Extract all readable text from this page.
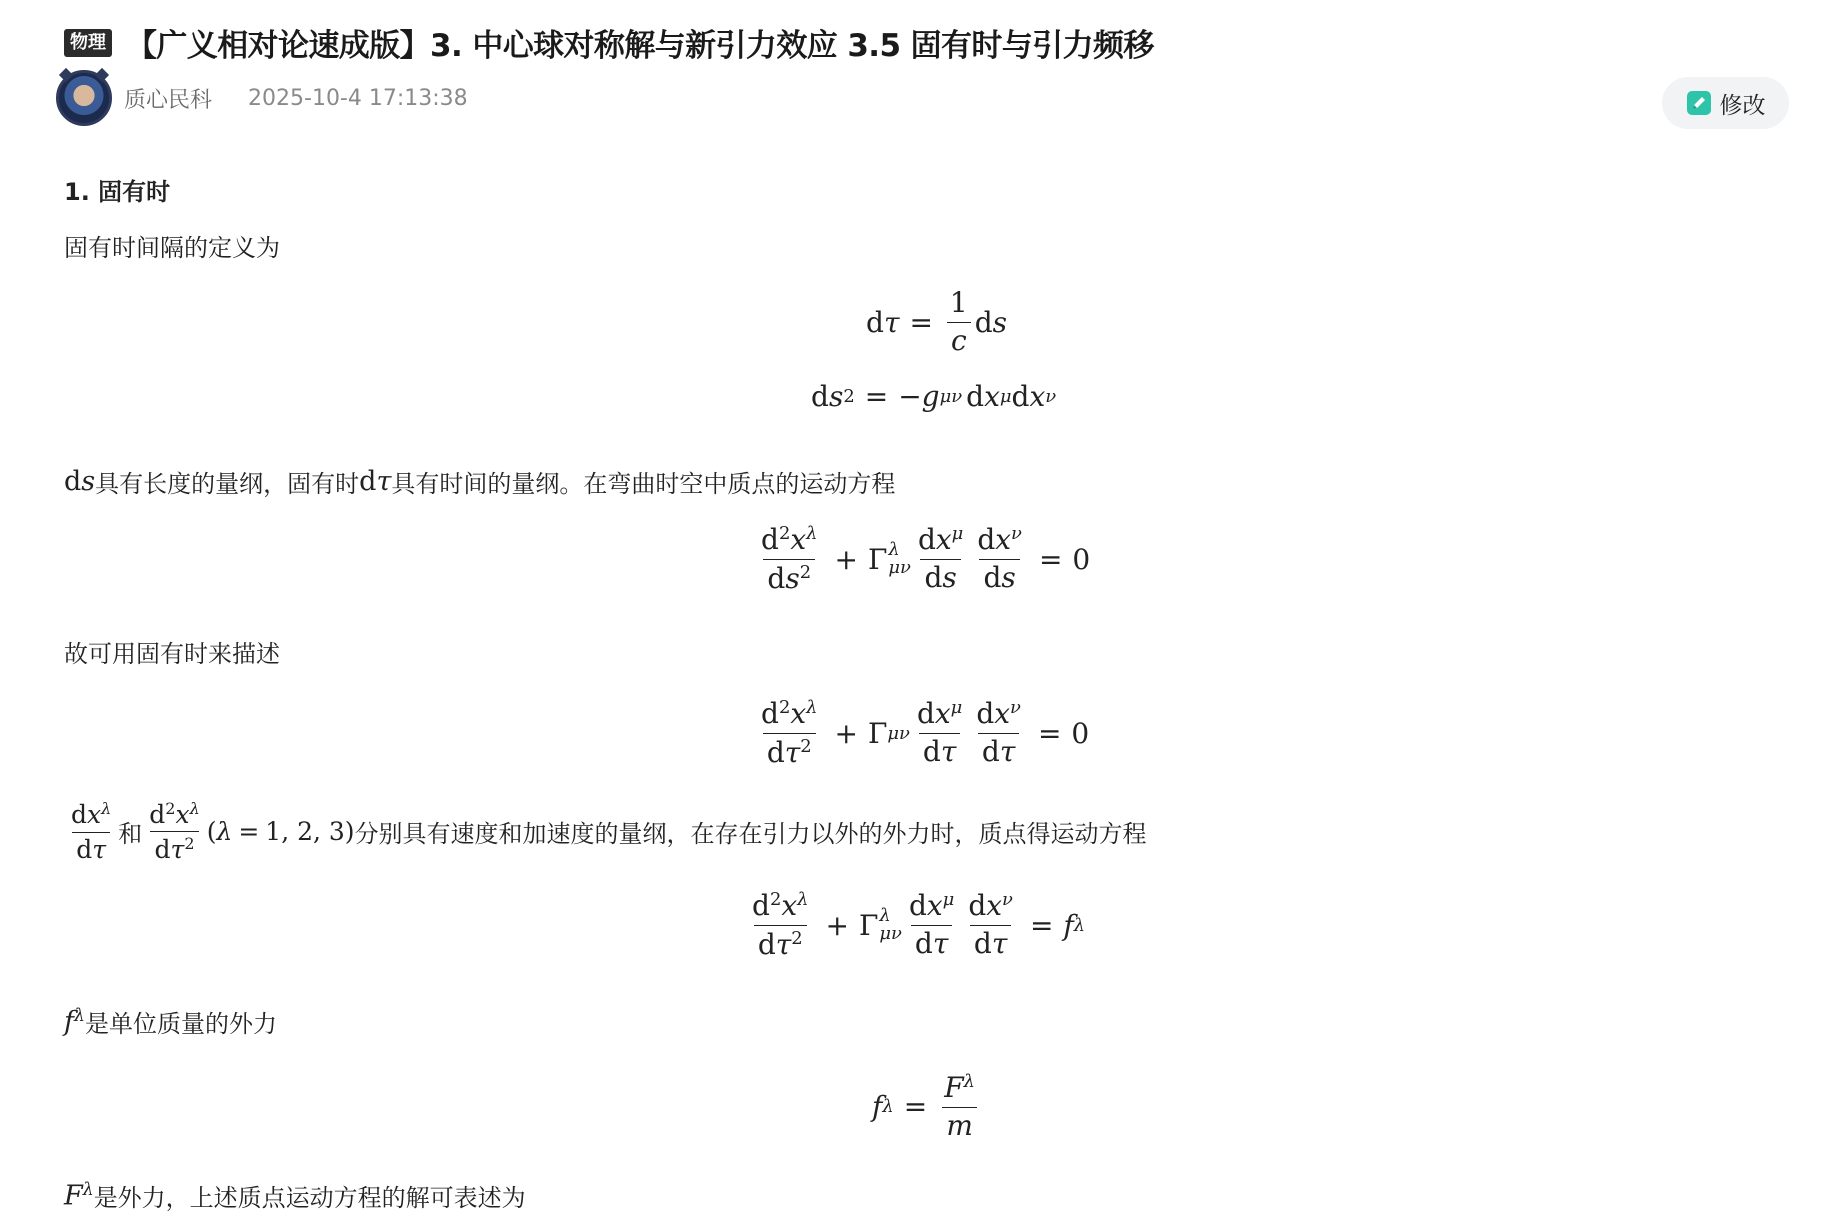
物理 【广义相对论速成版】3. 中心球对称解与新引力效应 3.5 固有时与引力频移
质心民科 2025-10-4 17:13:38	修改
1. 固有时
固有时间隔的定义为
d $\tau = \frac{1}{c}$ d s
d s 2 = − g μν d x μ d x ν
ds 具有长度的量纲，固有时 dτ 具有时间的量纲。在弯曲时空中质点的运动方程
$\frac{d^2x^\lambda}{ds^2} + \Gamma$ λ
μν $\frac{dx^\mu}{ds} \frac{dx^\nu}{ds} = 0$
故可用固有时来描述
$\frac{d^2x^\lambda}{d\tau^2} + \Gamma$ μν $\frac{dx^\mu}{d\tau} \frac{dx^\nu}{d\tau} = 0$
$\frac{dx^\lambda}{d\tau}$ 和 $\frac{d^2x^\lambda}{d\tau^2}$ ( λ = 1, 2, 3) 分别具有速度和加速度的量纲，在存在引力以外的外力时，质点得运动方程
$\frac{d^2x^\lambda}{d\tau^2} + \Gamma$ λ
μν $\frac{dx^\mu}{d\tau} \frac{dx^\nu}{d\tau} = f$ λ
$f^\lambda$ 是单位质量的外力
f $\lambda = \frac{F^\lambda}{m}$
$F^\lambda$ 是外力，上述质点运动方程的解可表述为
